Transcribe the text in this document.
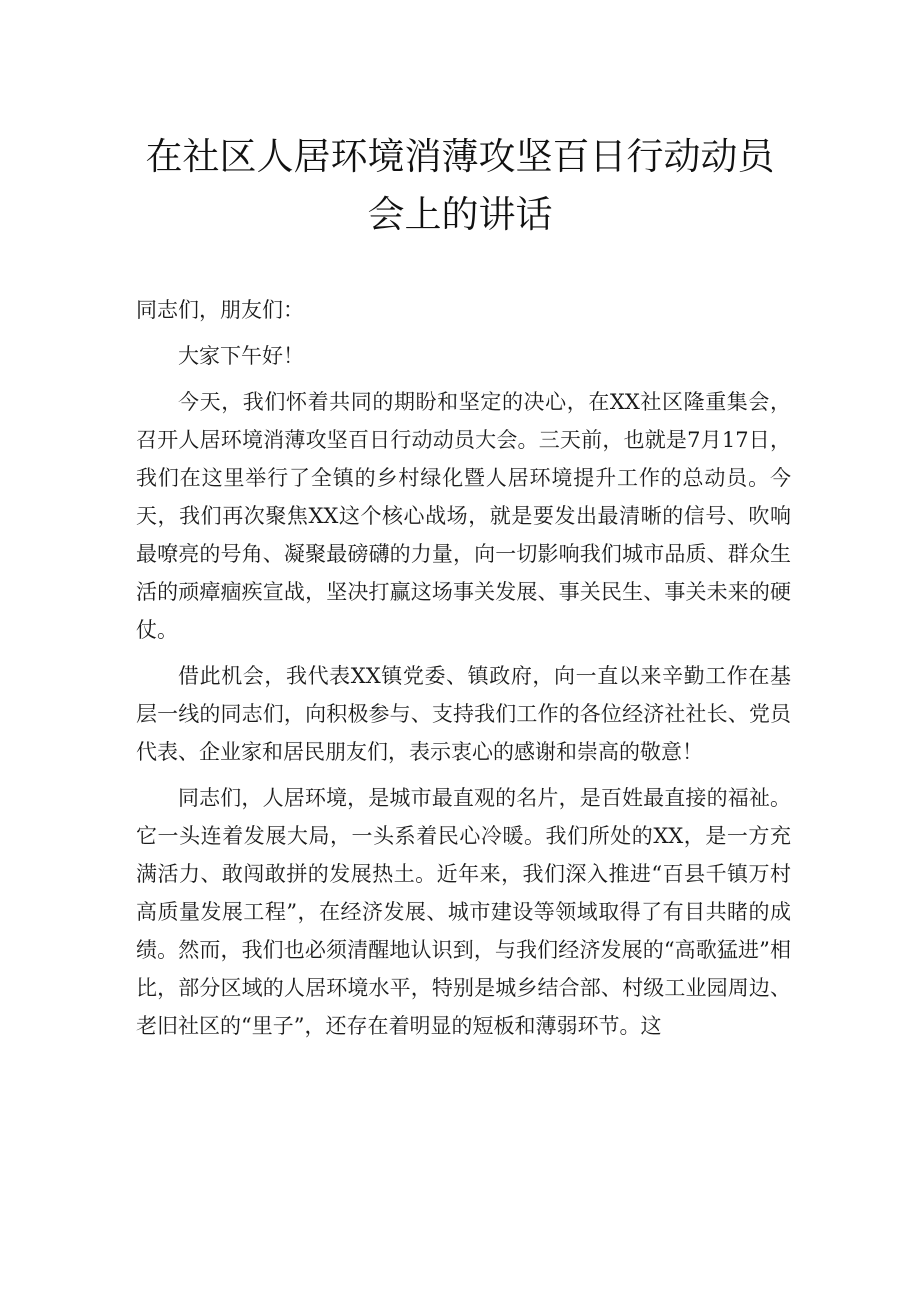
在社区人居环境消薄攻坚百日行动动员会上的讲话

同志们，朋友们：

大家下午好！

今天，我们怀着共同的期盼和坚定的决心，在XX社区隆重集会，召开人居环境消薄攻坚百日行动动员大会。三天前，也就是7月17日，我们在这里举行了全镇的乡村绿化暨人居环境提升工作的总动员。今天，我们再次聚焦XX这个核心战场，就是要发出最清晰的信号、吹响最嘹亮的号角、凝聚最磅礴的力量，向一切影响我们城市品质、群众生活的顽瘴痼疾宣战，坚决打赢这场事关发展、事关民生、事关未来的硬仗。

借此机会，我代表XX镇党委、镇政府，向一直以来辛勤工作在基层一线的同志们，向积极参与、支持我们工作的各位经济社社长、党员代表、企业家和居民朋友们，表示衷心的感谢和崇高的敬意！

同志们，人居环境，是城市最直观的名片，是百姓最直接的福祉。它一头连着发展大局，一头系着民心冷暖。我们所处的XX，是一方充满活力、敢闯敢拼的发展热土。近年来，我们深入推进“百县千镇万村高质量发展工程”，在经济发展、城市建设等领域取得了有目共睹的成绩。然而，我们也必须清醒地认识到，与我们经济发展的“高歌猛进”相比，部分区域的人居环境水平，特别是城乡结合部、村级工业园周边、老旧社区的“里子”，还存在着明显的短板和薄弱环节。这
